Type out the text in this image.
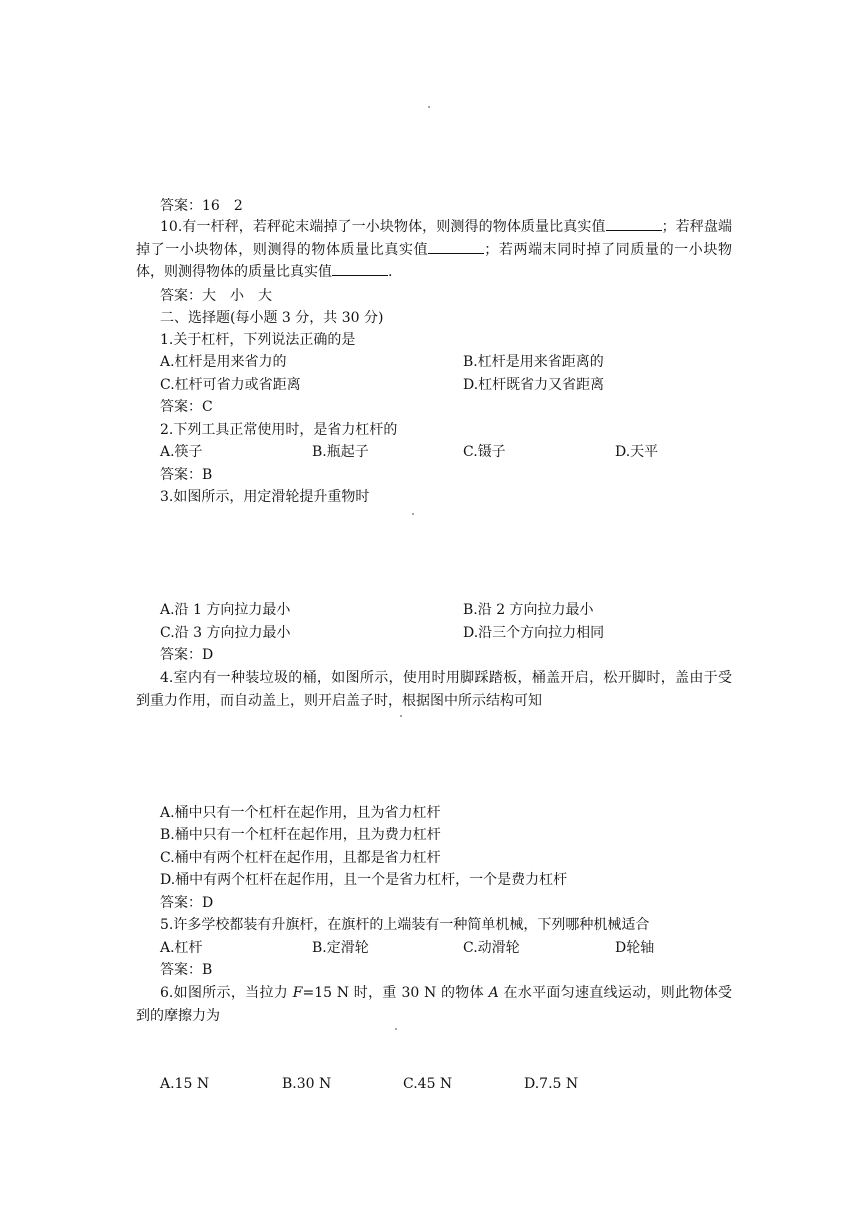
答案：16　2
10.有一杆秤，若秤砣末端掉了一小块物体，则测得的物体质量比真实值	；若秤盘端掉了一小块物体，则测得的物体质量比真实值	；若两端末同时掉了同质量的一小块物体，则测得物体的质量比真实值	.
答案：大　小　大
二、选择题(每小题 3 分，共 30 分)
1.关于杠杆，下列说法正确的是
A.杠杆是用来省力的	B.杠杆是用来省距离的
C.杠杆可省力或省距离	D.杠杆既省力又省距离
答案：C
2.下列工具正常使用时，是省力杠杆的
A.筷子	B.瓶起子	C.镊子	D.天平
答案：B
3.如图所示，用定滑轮提升重物时
A.沿 1 方向拉力最小	B.沿 2 方向拉力最小
C.沿 3 方向拉力最小	D.沿三个方向拉力相同
答案：D
4.室内有一种装垃圾的桶，如图所示，使用时用脚踩踏板，桶盖开启，松开脚时，盖由于受到重力作用，而自动盖上，则开启盖子时，根据图中所示结构可知
A.桶中只有一个杠杆在起作用，且为省力杠杆
B.桶中只有一个杠杆在起作用，且为费力杠杆
C.桶中有两个杠杆在起作用，且都是省力杠杆
D.桶中有两个杠杆在起作用，且一个是省力杠杆，一个是费力杠杆
答案：D
5.许多学校都装有升旗杆，在旗杆的上端装有一种简单机械，下列哪种机械适合
A.杠杆	B.定滑轮	C.动滑轮	D轮轴
答案：B
6.如图所示，当拉力 F=15 N 时，重 30 N 的物体 A 在水平面匀速直线运动，则此物体受到的摩擦力为
A.15 N	B.30 N	C.45 N	D.7.5 N
